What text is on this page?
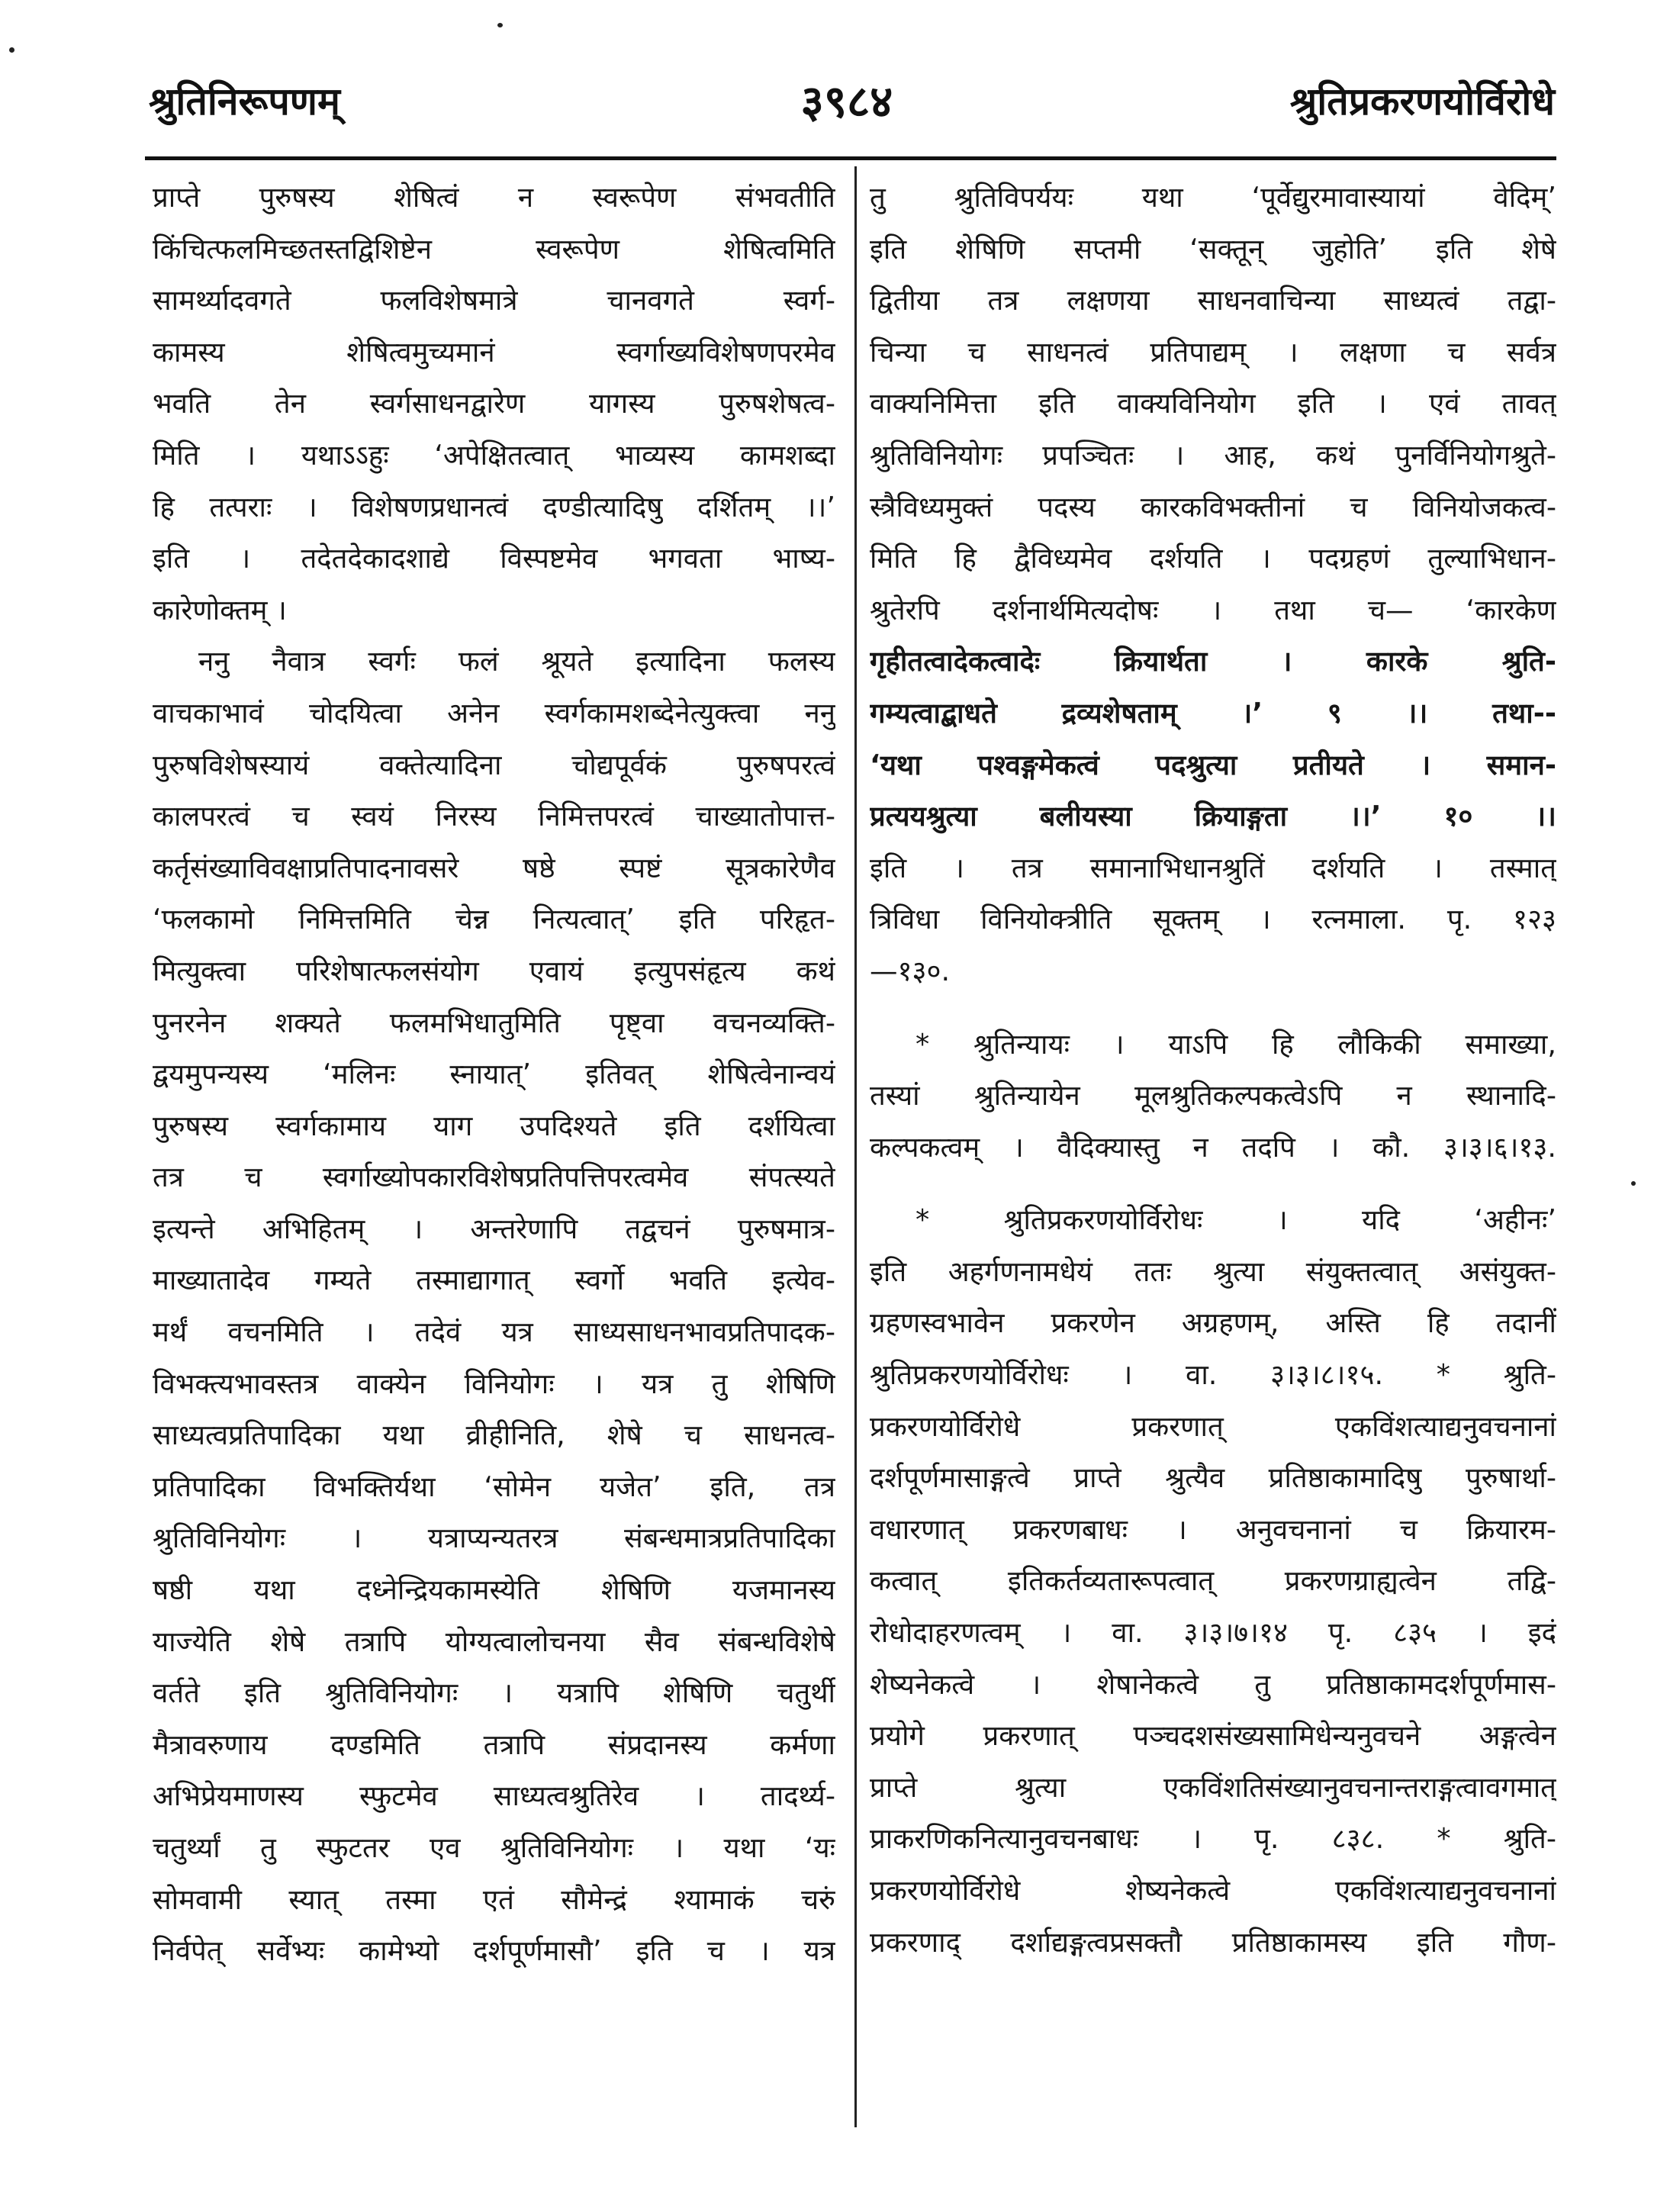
श्रुतिनिरूपणम्	३९८४	श्रुतिप्रकरणयोर्विरोधे
प्राप्ते पुरुषस्य शेषित्वं न स्वरूपेण संभवतीति
किंचित्फलमिच्छतस्तद्विशिष्टेन स्वरूपेण शेषित्वमिति
सामर्थ्यादवगते फलविशेषमात्रे चानवगते स्वर्ग-
कामस्य शेषित्वमुच्यमानं स्वर्गाख्यविशेषणपरमेव
भवति तेन स्वर्गसाधनद्वारेण यागस्य पुरुषशेषत्व-
मिति । यथाऽऽहुः ‘अपेक्षितत्वात् भाव्यस्य कामशब्दा
हि तत्पराः । विशेषणप्रधानत्वं दण्डीत्यादिषु दर्शितम् ।।’
इति । तदेतदेकादशाद्ये विस्पष्टमेव भगवता भाष्य-
कारेणोक्तम् ।
ननु नैवात्र स्वर्गः फलं श्रूयते इत्यादिना फलस्य
वाचकाभावं चोदयित्वा अनेन स्वर्गकामशब्देनेत्युक्त्वा ननु
पुरुषविशेषस्यायं वक्तेत्यादिना चोद्यपूर्वकं पुरुषपरत्वं
कालपरत्वं च स्वयं निरस्य निमित्तपरत्वं चाख्यातोपात्त-
कर्तृसंख्याविवक्षाप्रतिपादनावसरे षष्ठे स्पष्टं सूत्रकारेणैव
‘फलकामो निमित्तमिति चेन्न नित्यत्वात्’ इति परिहृत-
मित्युक्त्वा परिशेषात्फलसंयोग एवायं इत्युपसंहृत्य कथं
पुनरनेन शक्यते फलमभिधातुमिति पृष्ट्वा वचनव्यक्ति-
द्वयमुपन्यस्य ‘मलिनः स्नायात्’ इतिवत् शेषित्वेनान्वयं
पुरुषस्य स्वर्गकामाय याग उपदिश्यते इति दर्शयित्वा
तत्र च स्वर्गाख्योपकारविशेषप्रतिपत्तिपरत्वमेव संपत्स्यते
इत्यन्ते अभिहितम् । अन्तरेणापि तद्वचनं पुरुषमात्र-
माख्यातादेव गम्यते तस्माद्यागात् स्वर्गो भवति इत्येव-
मर्थं वचनमिति । तदेवं यत्र साध्यसाधनभावप्रतिपादक-
विभक्त्यभावस्तत्र वाक्येन विनियोगः । यत्र तु शेषिणि
साध्यत्वप्रतिपादिका यथा व्रीहीनिति, शेषे च साधनत्व-
प्रतिपादिका विभक्तिर्यथा ‘सोमेन यजेत’ इति, तत्र
श्रुतिविनियोगः । यत्राप्यन्यतरत्र संबन्धमात्रप्रतिपादिका
षष्ठी यथा दध्नेन्द्रियकामस्येति शेषिणि यजमानस्य
याज्येति शेषे तत्रापि योग्यत्वालोचनया सैव संबन्धविशेषे
वर्तते इति श्रुतिविनियोगः । यत्रापि शेषिणि चतुर्थी
मैत्रावरुणाय दण्डमिति तत्रापि संप्रदानस्य कर्मणा
अभिप्रेयमाणस्य स्फुटमेव साध्यत्वश्रुतिरेव । तादर्थ्य-
चतुर्थ्यां तु स्फुटतर एव श्रुतिविनियोगः । यथा ‘यः
सोमवामी स्यात् तस्मा एतं सौमेन्द्रं श्यामाकं चरुं
निर्वपेत् सर्वेभ्यः कामेभ्यो दर्शपूर्णमासौ’ इति च । यत्र
तु श्रुतिविपर्ययः यथा ‘पूर्वेद्युरमावास्यायां वेदिम्’
इति शेषिणि सप्तमी ‘सक्तून् जुहोति’ इति शेषे
द्वितीया तत्र लक्षणया साधनवाचिन्या साध्यत्वं तद्वा-
चिन्या च साधनत्वं प्रतिपाद्यम् । लक्षणा च सर्वत्र
वाक्यनिमित्ता इति वाक्यविनियोग इति । एवं तावत्
श्रुतिविनियोगः प्रपञ्चितः । आह, कथं पुनर्विनियोगश्रुते-
स्त्रैविध्यमुक्तं पदस्य कारकविभक्तीनां च विनियोजकत्व-
मिति हि द्वैविध्यमेव दर्शयति । पदग्रहणं तुल्याभिधान-
श्रुतेरपि दर्शनार्थमित्यदोषः । तथा च— ‘कारकेण
गृहीतत्वादेकत्वादेः क्रियार्थता । कारके श्रुति-
गम्यत्वाद्बाधते द्रव्यशेषताम् ।’ ९ ।। तथा--
‘यथा पश्वङ्गमेकत्वं पदश्रुत्या प्रतीयते । समान-
प्रत्ययश्रुत्या बलीयस्या क्रियाङ्गता ।।’ १० ।।
इति । तत्र समानाभिधानश्रुतिं दर्शयति । तस्मात्
त्रिविधा विनियोक्त्रीति सूक्तम् । रत्नमाला. पृ. १२३
—१३०.
* श्रुतिन्यायः । याऽपि हि लौकिकी समाख्या,
तस्यां श्रुतिन्यायेन मूलश्रुतिकल्पकत्वेऽपि न स्थानादि-
कल्पकत्वम् । वैदिक्यास्तु न तदपि । कौ. ३।३।६।१३.
* श्रुतिप्रकरणयोर्विरोधः । यदि ‘अहीनः’
इति अहर्गणनामधेयं ततः श्रुत्या संयुक्तत्वात् असंयुक्त-
ग्रहणस्वभावेन प्रकरणेन अग्रहणम्, अस्ति हि तदानीं
श्रुतिप्रकरणयोर्विरोधः । वा. ३।३।८।१५. * श्रुति-
प्रकरणयोर्विरोधे प्रकरणात् एकविंशत्याद्यनुवचनानां
दर्शपूर्णमासाङ्गत्वे प्राप्ते श्रुत्यैव प्रतिष्ठाकामादिषु पुरुषार्था-
वधारणात् प्रकरणबाधः । अनुवचनानां च क्रियारम-
कत्वात् इतिकर्तव्यतारूपत्वात् प्रकरणग्राह्यत्वेन तद्वि-
रोधोदाहरणत्वम् । वा. ३।३।७।१४ पृ. ८३५ । इदं
शेष्यनेकत्वे । शेषानेकत्वे तु प्रतिष्ठाकामदर्शपूर्णमास-
प्रयोगे प्रकरणात् पञ्चदशसंख्यसामिधेन्यनुवचने अङ्गत्वेन
प्राप्ते श्रुत्या एकविंशतिसंख्यानुवचनान्तराङ्गत्वावगमात्
प्राकरणिकनित्यानुवचनबाधः । पृ. ८३८. * श्रुति-
प्रकरणयोर्विरोधे शेष्यनेकत्वे एकविंशत्याद्यनुवचनानां
प्रकरणाद् दर्शाद्यङ्गत्वप्रसक्तौ प्रतिष्ठाकामस्य इति गौण-
